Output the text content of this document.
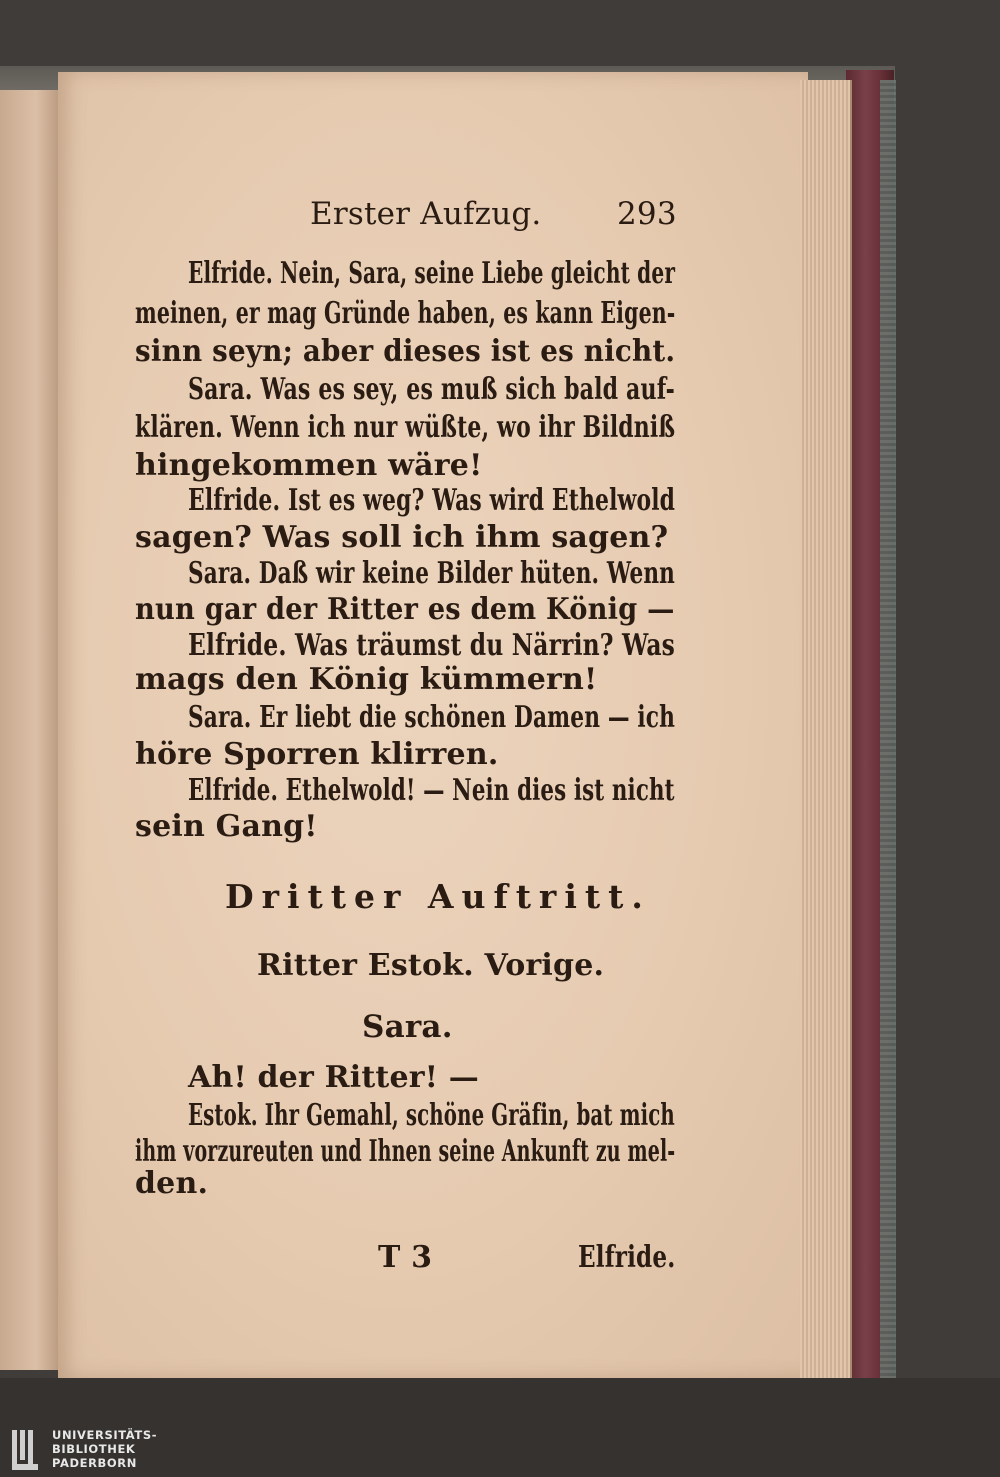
Erster Aufzug. 293
Elfride. Nein, Sara, seine Liebe gleicht der
meinen, er mag Gründe haben, es kann Eigen-
sinn seyn; aber dieses ist es nicht.
Sara. Was es sey, es muß sich bald auf-
klären. Wenn ich nur wüßte, wo ihr Bildniß
hingekommen wäre!
Elfride. Ist es weg? Was wird Ethelwold
sagen? Was soll ich ihm sagen?
Sara. Daß wir keine Bilder hüten. Wenn
nun gar der Ritter es dem König —
Elfride. Was träumst du Närrin? Was
mags den König kümmern!
Sara. Er liebt die schönen Damen — ich
höre Sporren klirren.
Elfride. Ethelwold! — Nein dies ist nicht
sein Gang!
Dritter Auftritt.
Ritter Estok. Vorige.
Sara.
Ah! der Ritter! —
Estok. Ihr Gemahl, schöne Gräfin, bat mich
ihm vorzureuten und Ihnen seine Ankunft zu mel-
den.
T 3	Elfride.
UNIVERSITÄTS-
BIBLIOTHEK
PADERBORN
